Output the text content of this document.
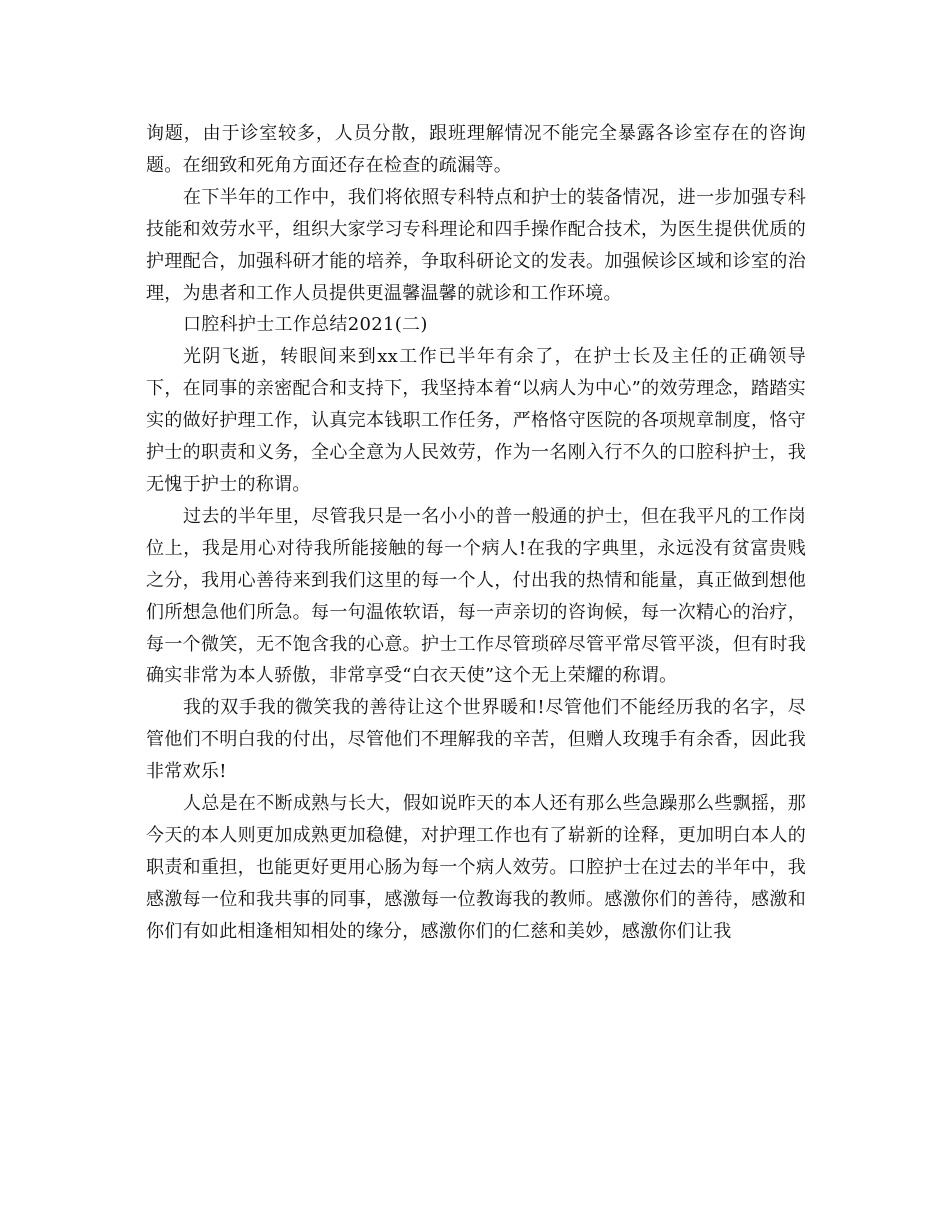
询题，由于诊室较多，人员分散，跟班理解情况不能完全暴露各诊室存在的咨询题。在细致和死角方面还存在检查的疏漏等。

在下半年的工作中，我们将依照专科特点和护士的装备情况，进一步加强专科技能和效劳水平，组织大家学习专科理论和四手操作配合技术，为医生提供优质的护理配合，加强科研才能的培养，争取科研论文的发表。加强候诊区域和诊室的治理，为患者和工作人员提供更温馨温馨的就诊和工作环境。

口腔科护士工作总结2021(二)

光阴飞逝，转眼间来到xx工作已半年有余了，在护士长及主任的正确领导下，在同事的亲密配合和支持下，我坚持本着“以病人为中心”的效劳理念，踏踏实实的做好护理工作，认真完本钱职工作任务，严格恪守医院的各项规章制度，恪守护士的职责和义务，全心全意为人民效劳，作为一名刚入行不久的口腔科护士，我无愧于护士的称谓。

过去的半年里，尽管我只是一名小小的普一般通的护士，但在我平凡的工作岗位上，我是用心对待我所能接触的每一个病人!在我的字典里，永远没有贫富贵贱之分，我用心善待来到我们这里的每一个人，付出我的热情和能量，真正做到想他们所想急他们所急。每一句温侬软语，每一声亲切的咨询候，每一次精心的治疗，每一个微笑，无不饱含我的心意。护士工作尽管琐碎尽管平常尽管平淡，但有时我确实非常为本人骄傲，非常享受“白衣天使”这个无上荣耀的称谓。

我的双手我的微笑我的善待让这个世界暖和!尽管他们不能经历我的名字，尽管他们不明白我的付出，尽管他们不理解我的辛苦，但赠人玫瑰手有余香，因此我非常欢乐!

人总是在不断成熟与长大，假如说昨天的本人还有那么些急躁那么些飘摇，那今天的本人则更加成熟更加稳健，对护理工作也有了崭新的诠释，更加明白本人的职责和重担，也能更好更用心肠为每一个病人效劳。口腔护士在过去的半年中，我感激每一位和我共事的同事，感激每一位教诲我的教师。感激你们的善待，感激和你们有如此相逢相知相处的缘分，感激你们的仁慈和美妙，感激你们让我
